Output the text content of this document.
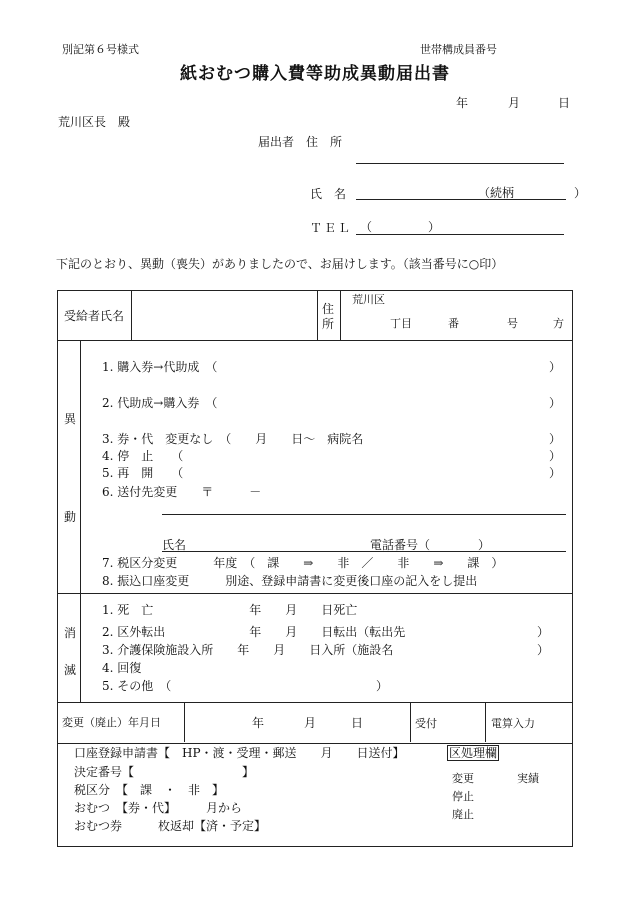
別記第６号様式	世帯構成員番号
紙おむつ購入費等助成異動届出書
年	月	日
荒川区長　殿
届出者 住　所
氏　名	（続柄　　　　　）
ＴＥＬ （	）
下記のとおり、異動（喪失）がありましたので、お届けします。（該当番号に○印）
受給者氏名	住
所
荒川区
丁目	番	号	方
異
動
1. 購入券→代助成　（	）
2. 代助成→購入券　（	）
3. 券・代　変更なし　（　　月　　日～　病院名	）
4. 停　止　　（	）
5. 再　開　　（	）
6. 送付先変更　　〒　　　－
氏名	電話番号（　　　　）
7. 税区分変更　　　年度　（　課　　⇒　　非　／　　非　　⇒　　課　）
8. 振込口座変更　　　別途、登録申請書に変更後口座の記入をし提出
消
滅
1. 死　亡　　　　　　　　年　　月　　日死亡
2. 区外転出　　　　　　　年　　月　　日転出（転出先	）
3. 介護保険施設入所　　年　　月　　日入所（施設名	）
4. 回復
5. その他　（	）
変更（廃止）年月日	年	月	日	受付	電算入力
口座登録申請書【　HP・渡・受理・郵送　　月　　日送付】
決定番号【　　　　　　　　　】
税区分　【　課　・　非　】
おむつ　【券・代】　　　月から
おむつ券　　　枚返却【済・予定】
区処理欄
変更	実績
停止
廃止
